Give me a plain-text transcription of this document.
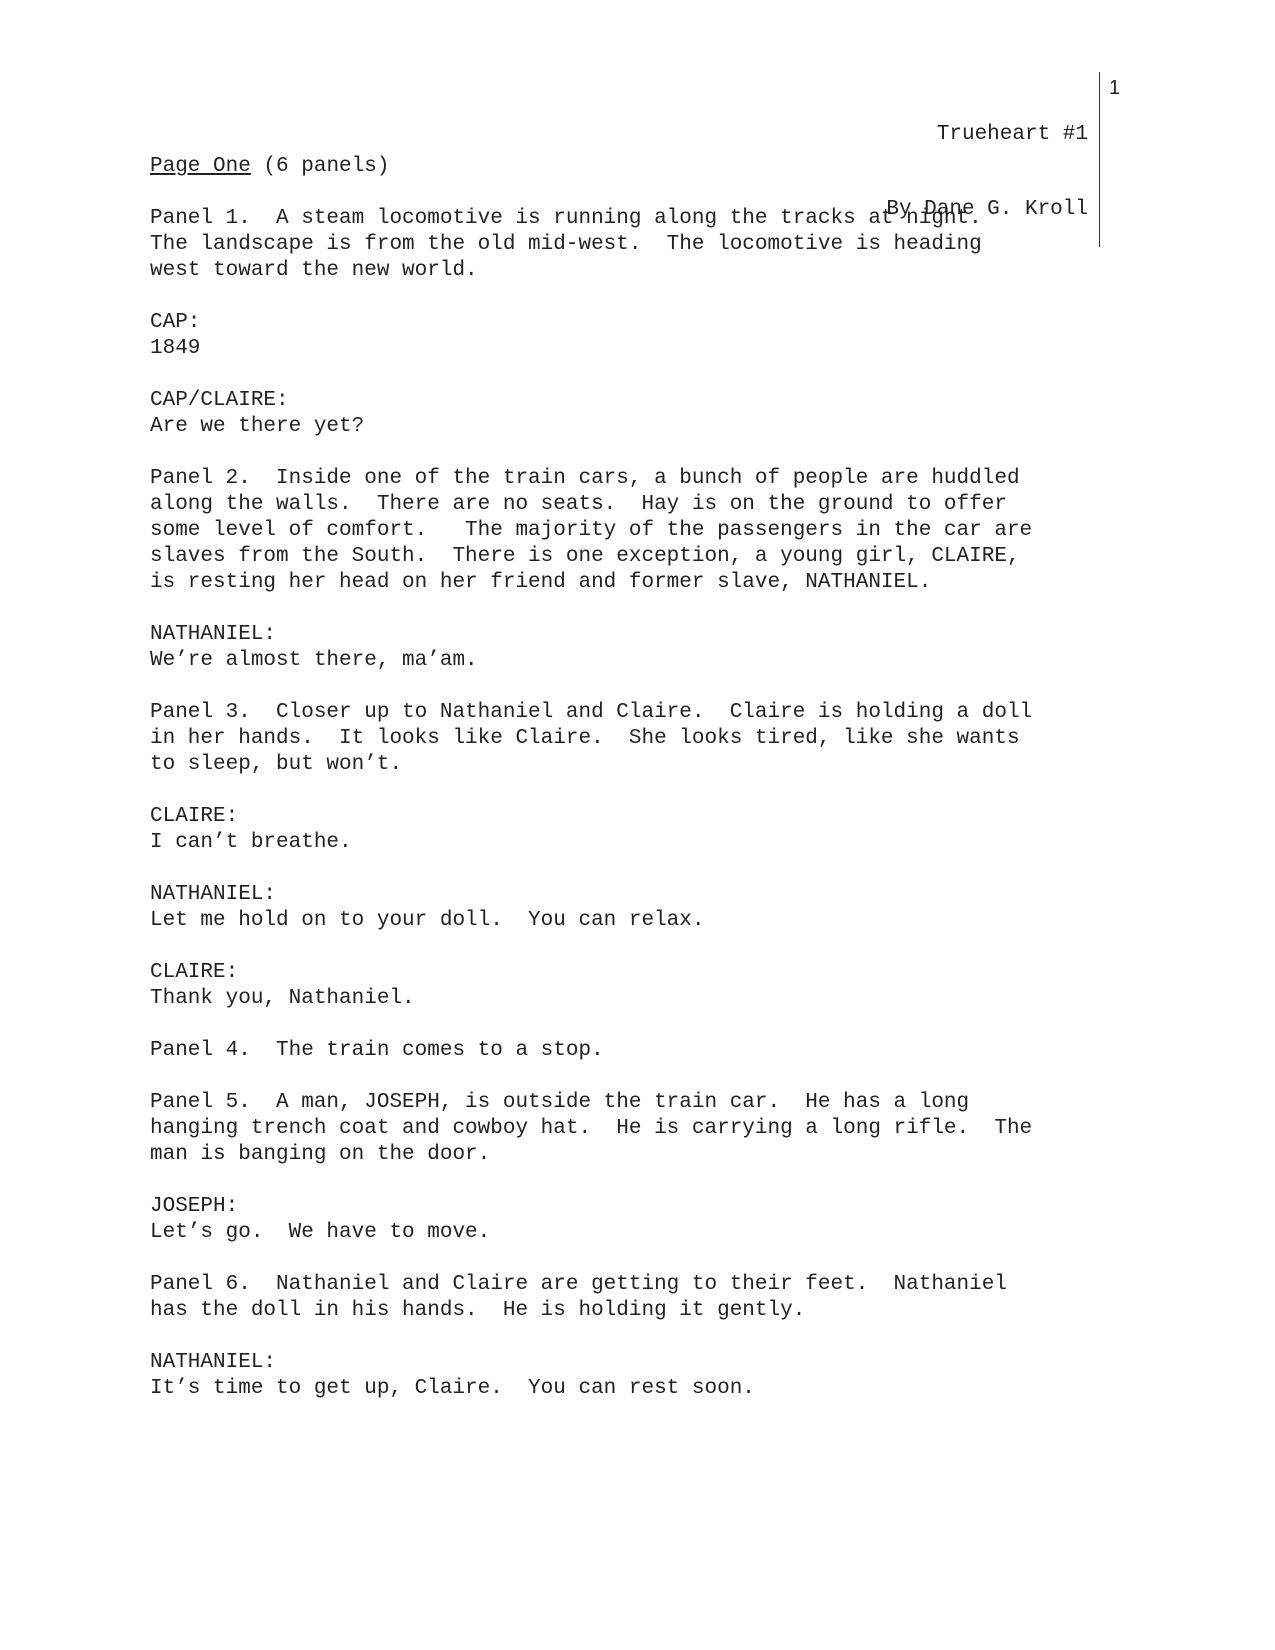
Trueheart #1

By Dane G. Kroll

1
Page One (6 panels)
Panel 1.  A steam locomotive is running along the tracks at night.
The landscape is from the old mid-west.  The locomotive is heading
west toward the new world.
CAP:
1849
CAP/CLAIRE:
Are we there yet?
Panel 2.  Inside one of the train cars, a bunch of people are huddled
along the walls.  There are no seats.  Hay is on the ground to offer
some level of comfort.   The majority of the passengers in the car are
slaves from the South.  There is one exception, a young girl, CLAIRE,
is resting her head on her friend and former slave, NATHANIEL.
NATHANIEL:
We’re almost there, ma’am.
Panel 3.  Closer up to Nathaniel and Claire.  Claire is holding a doll
in her hands.  It looks like Claire.  She looks tired, like she wants
to sleep, but won’t.
CLAIRE:
I can’t breathe.
NATHANIEL:
Let me hold on to your doll.  You can relax.
CLAIRE:
Thank you, Nathaniel.
Panel 4.  The train comes to a stop.
Panel 5.  A man, JOSEPH, is outside the train car.  He has a long
hanging trench coat and cowboy hat.  He is carrying a long rifle.  The
man is banging on the door.
JOSEPH:
Let’s go.  We have to move.
Panel 6.  Nathaniel and Claire are getting to their feet.  Nathaniel
has the doll in his hands.  He is holding it gently.
NATHANIEL:
It’s time to get up, Claire.  You can rest soon.
